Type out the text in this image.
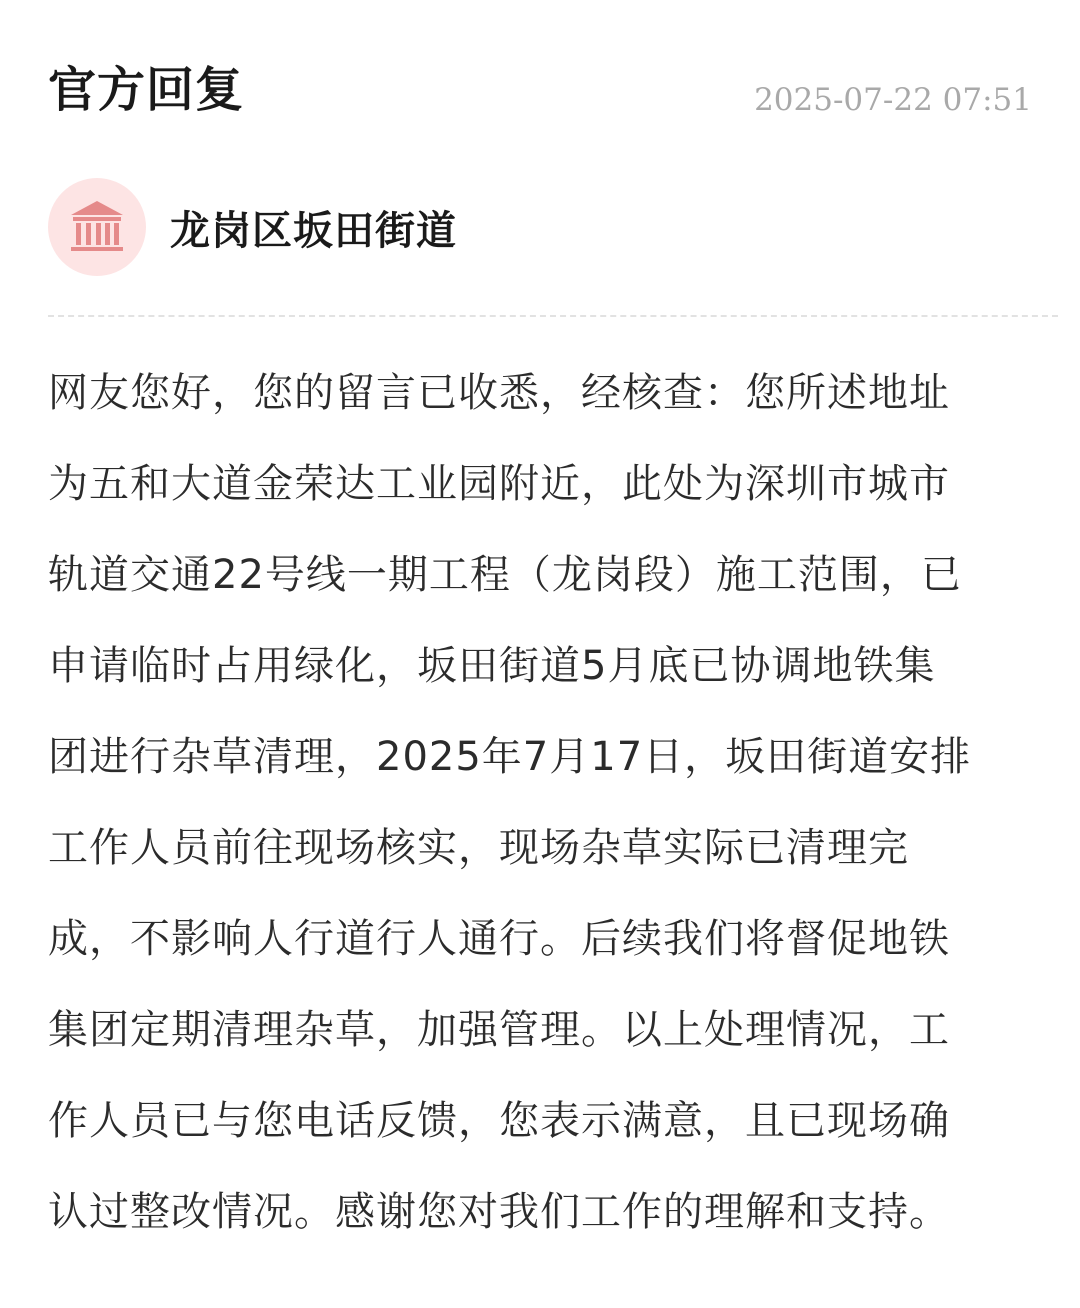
官方回复	2025-07-22 07:51
龙岗区坂田街道
网友您好，您的留言已收悉，经核查：您所述地址
为五和大道金荣达工业园附近，此处为深圳市城市
轨道交通22号线一期工程（龙岗段）施工范围，已
申请临时占用绿化，坂田街道5月底已协调地铁集
团进行杂草清理，2025年7月17日，坂田街道安排
工作人员前往现场核实，现场杂草实际已清理完
成，不影响人行道行人通行。后续我们将督促地铁
集团定期清理杂草，加强管理。以上处理情况，工
作人员已与您电话反馈，您表示满意，且已现场确
认过整改情况。感谢您对我们工作的理解和支持。
